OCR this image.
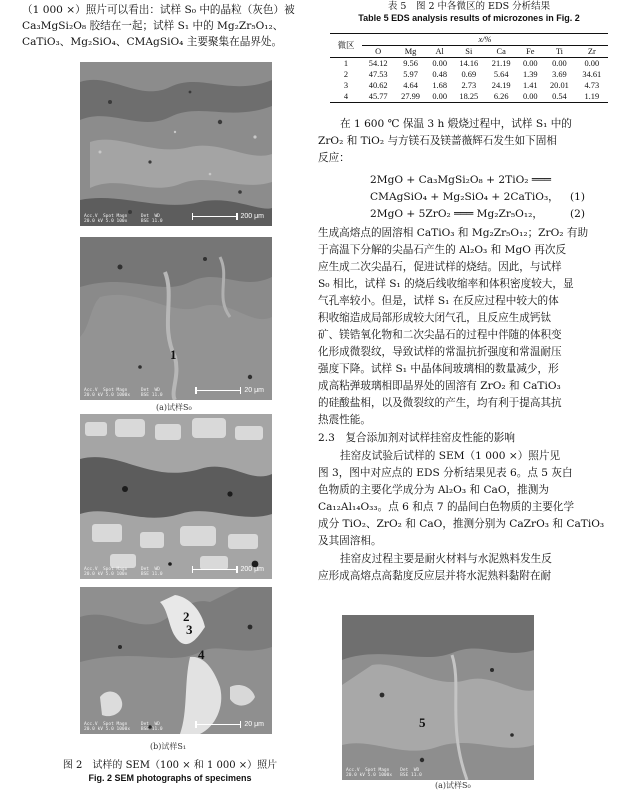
（1 000 ×）照片可以看出：试样 S₀ 中的晶粒（灰色）被
Ca₃MgSi₂O₈ 胶结在一起；试样 S₁ 中的 Mg₂Zr₅O₁₂、
CaTiO₃、Mg₂SiO₄、CMAgSiO₄ 主要聚集在晶界处。
Acc.V  Spot Magn     Det  WD
20.0 kV 5.0 100x     BSE 11.0
200 μm
1
Acc.V  Spot Magn     Det  WD
20.0 kV 5.0 1000x    BSE 11.0
20 μm
(a)试样S₀
Acc.V  Spot Magn     Det  WD
20.0 kV 5.0 100x     BSE 11.0
200 μm
2
3
4
Acc.V  Spot Magn     Det  WD
20.0 kV 5.0 1000x    BSE 11.0
20 μm
(b)试样S₁
图 2　试样的 SEM（100 × 和 1 000 ×）照片
Fig. 2 SEM photographs of specimens
表 5　图 2 中各微区的 EDS 分析结果
Table 5 EDS analysis results of microzones in Fig. 2
微区	x/%							
	O	Mg	Al	Si	Ca	Fe	Ti	Zr
1	54.12	9.56	0.00	14.16	21.19	0.00	0.00	0.00
2	47.53	5.97	0.48	0.69	5.64	1.39	3.69	34.61
3	40.62	4.64	1.68	2.73	24.19	1.41	20.01	4.73
4	45.77	27.99	0.00	18.25	6.26	0.00	0.54	1.19
在 1 600 ℃ 保温 3 h 煅烧过程中，试样 S₁ 中的
ZrO₂ 和 TiO₂ 与方镁石及镁蔷薇辉石发生如下固相
反应：
2MgO + Ca₃MgSi₂O₈ + 2TiO₂ ═══
CMAgSiO₄ + Mg₂SiO₄ + 2CaTiO₃， (1)
2MgO + 5ZrO₂ ═══ Mg₂Zr₅O₁₂，	(2)
生成高熔点的固溶相 CaTiO₃ 和 Mg₂Zr₅O₁₂；ZrO₂ 有助
于高温下分解的尖晶石产生的 Al₂O₃ 和 MgO 再次反
应生成二次尖晶石，促进试样的烧结。因此，与试样
S₀ 相比，试样 S₁ 的烧后线收缩率和体积密度较大，显
气孔率较小。但是，试样 S₁ 在反应过程中较大的体
积收缩造成局部形成较大闭气孔，且反应生成钙钛
矿、镁锆氧化物和二次尖晶石的过程中伴随的体积变
化形成微裂纹，导致试样的常温抗折强度和常温耐压
强度下降。试样 S₁ 中晶体间玻璃相的数量减少，形
成高粘弹玻璃相即晶界处的固溶有 ZrO₂ 和 CaTiO₃
的硅酸盐相，以及微裂纹的产生，均有利于提高其抗
热震性能。
2.3　复合添加剂对试样挂窑皮性能的影响
挂窑皮试验后试样的 SEM（1 000 ×）照片见
图 3，图中对应点的 EDS 分析结果见表 6。点 5 灰白
色物质的主要化学成分为 Al₂O₃ 和 CaO，推测为
Ca₁₂Al₁₄O₃₃。点 6 和点 7 的晶间白色物质的主要化学
成分 TiO₂、ZrO₂ 和 CaO，推测分别为 CaZrO₃ 和 CaTiO₃
及其固溶相。
挂窑皮过程主要是耐火材料与水泥熟料发生反
应形成高熔点高黏度反应层并将水泥熟料黏附在耐
5
Acc.V  Spot Magn    Det  WD
20.0 kV 5.0 1000x   BSE 11.0
(a)试样S₀
